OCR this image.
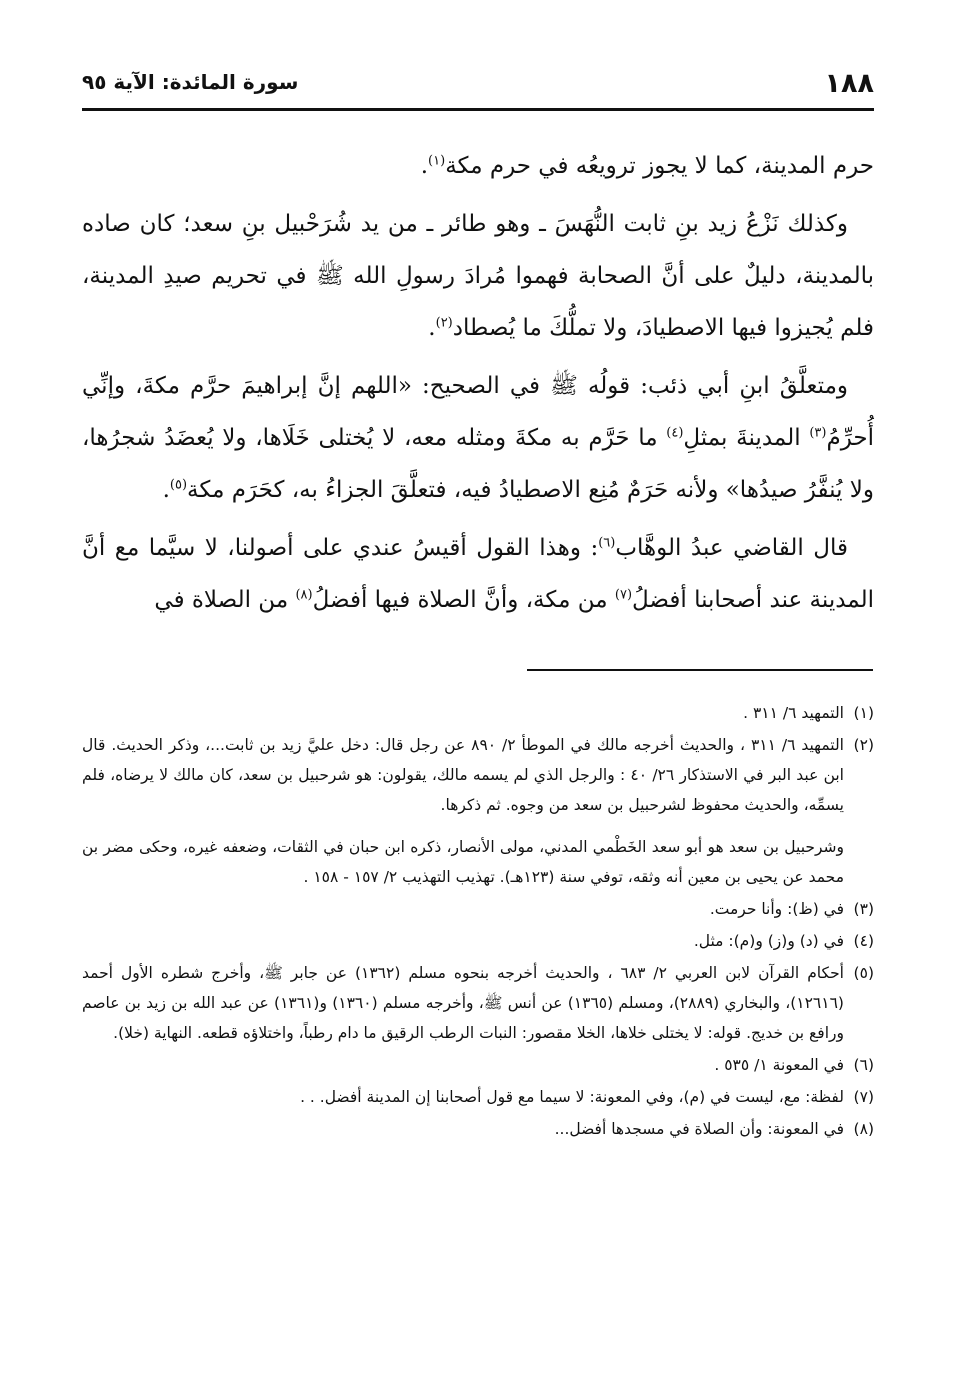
١٨٨
سورة المائدة: الآية ٩٥

حرم المدينة، كما لا يجوز ترويعُه في حرم مكة$^{(١)}$.

وكذلك نَزْعُ زيد بنِ ثابت النُّهَسَ ـ وهو طائر ـ من يد شُرَحْبيل بنِ سعد؛ كان صاده بالمدينة، دليلٌ على أنَّ الصحابة فهموا مُرادَ رسولِ الله ﷺ في تحريم صيدِ المدينة، فلم يُجيزوا فيها الاصطيادَ، ولا تملُّكَ ما يُصطاد$^{(٢)}$.

ومتعلَّقُ ابنِ أبي ذئب: قولُه ﷺ في الصحيح: «اللهم إنَّ إبراهيمَ حرَّم مكةَ، وإنِّي أُحرِّمُ$^{(٣)}$ المدينةَ بمثلِ$^{(٤)}$ ما حَرَّم به مكةَ ومثله معه، لا يُختلى خَلَاها، ولا يُعضَدُ شجرُها، ولا يُنفَّرُ صيدُها» ولأنه حَرَمٌ مُنِع الاصطيادُ فيه، فتعلَّقَ الجزاءُ به، كحَرَم مكة$^{(٥)}$.

قال القاضي عبدُ الوهَّاب$^{(٦)}$: وهذا القول أقيسُ عندي على أصولنا، لا سيَّما مع أنَّ المدينة عند أصحابنا أفضلُ$^{(٧)}$ من مكة، وأنَّ الصلاة فيها أفضلُ$^{(٨)}$ من الصلاة في

(١)
التمهيد ٦/ ٣١١ .
(٢)
التمهيد ٦/ ٣١١ ، والحديث أخرجه مالك في الموطأ ٢/ ٨٩٠ عن رجل قال: دخل عليَّ زيد بن ثابت...، وذكر الحديث. قال ابن عبد البر في الاستذكار ٢٦/ ٤٠ : والرجل الذي لم يسمه مالك، يقولون: هو شرحبيل بن سعد، كان مالك لا يرضاه، فلم يسمِّه، والحديث محفوظ لشرحبيل بن سعد من وجوه. ثم ذكرها.
وشرحبيل بن سعد هو أبو سعد الخَطْمي المدني، مولى الأنصار، ذكره ابن حبان في الثقات، وضعفه غيره، وحكى مضر بن محمد عن يحيى بن معين أنه وثقه، توفي سنة (١٢٣هـ). تهذيب التهذيب ٢/ ١٥٧ - ١٥٨ .
(٣)
في (ظ): وأنا حرمت.
(٤)
في (د) و(ز) و(م): مثل.
(٥)
أحكام القرآن لابن العربي ٢/ ٦٨٣ ، والحديث أخرجه بنحوه مسلم (١٣٦٢) عن جابر ﷺ، وأخرج شطره الأول أحمد (١٢٦١٦)، والبخاري (٢٨٨٩)، ومسلم (١٣٦٥) عن أنس ﷺ، وأخرجه مسلم (١٣٦٠) و(١٣٦١) عن عبد الله بن زيد بن عاصم ورافع بن خديج. قوله: لا يختلى خلاها، الخلا مقصور: النبات الرطب الرقيق ما دام رطباً، واختلاؤه قطعه. النهاية (خلا).
(٦)
في المعونة ١/ ٥٣٥ .
(٧)
لفظة: مع، ليست في (م)، وفي المعونة: لا سيما مع قول أصحابنا إن المدينة أفضل. . .
(٨)
في المعونة: وأن الصلاة في مسجدها أفضل...
